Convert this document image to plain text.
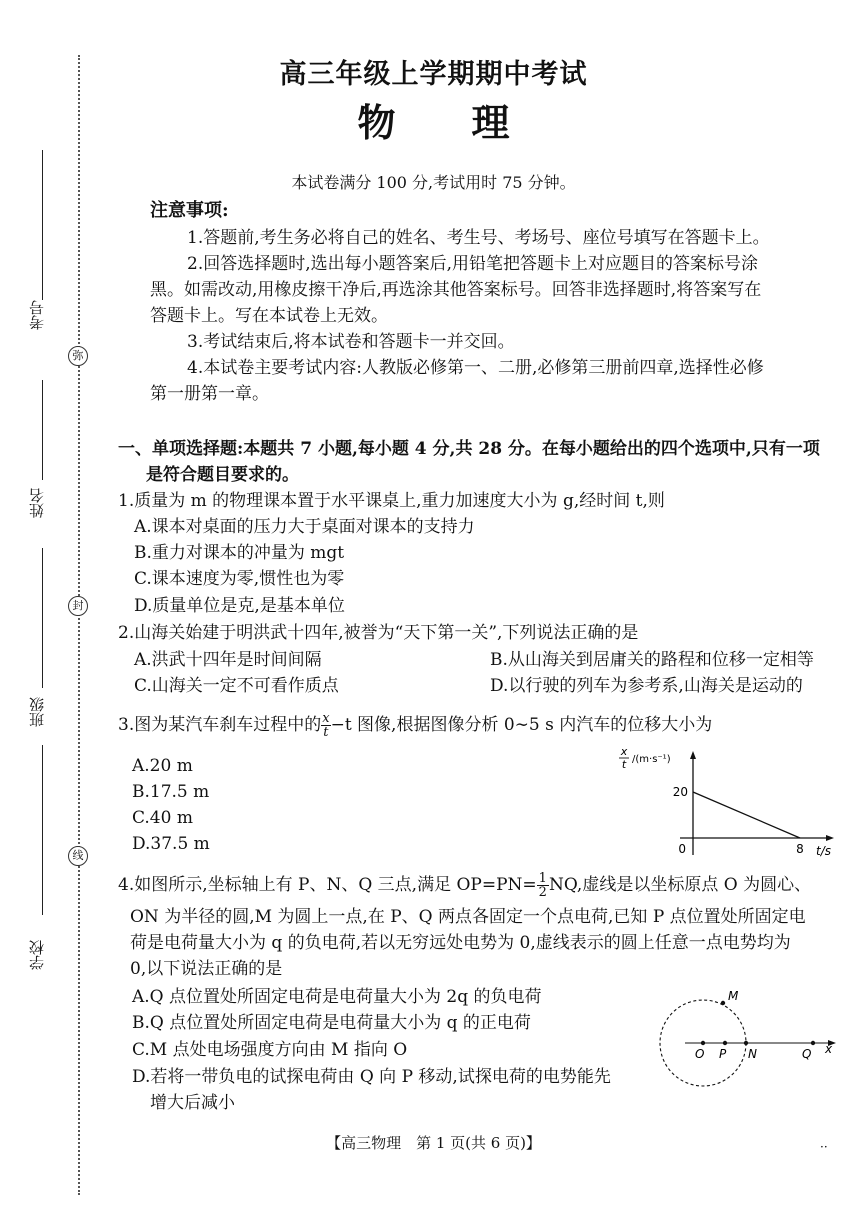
考号
姓名
班级
学校
弥
封
线
高三年级上学期期中考试
物 理
本试卷满分 100 分,考试用时 75 分钟。
注意事项:
1.答题前,考生务必将自己的姓名、考生号、考场号、座位号填写在答题卡上。
2.回答选择题时,选出每小题答案后,用铅笔把答题卡上对应题目的答案标号涂
黑。如需改动,用橡皮擦干净后,再选涂其他答案标号。回答非选择题时,将答案写在
答题卡上。写在本试卷上无效。
3.考试结束后,将本试卷和答题卡一并交回。
4.本试卷主要考试内容:人教版必修第一、二册,必修第三册前四章,选择性必修
第一册第一章。
一、单项选择题:本题共 7 小题,每小题 4 分,共 28 分。在每小题给出的四个选项中,只有一项
是符合题目要求的。
1.质量为 m 的物理课本置于水平课桌上,重力加速度大小为 g,经时间 t,则
A.课本对桌面的压力大于桌面对课本的支持力
B.重力对课本的冲量为 mgt
C.课本速度为零,惯性也为零
D.质量单位是克,是基本单位
2.山海关始建于明洪武十四年,被誉为“天下第一关”,下列说法正确的是
A.洪武十四年是时间间隔	B.从山海关到居庸关的路程和位移一定相等
C.山海关一定不可看作质点	D.以行驶的列车为参考系,山海关是运动的
3.图为某汽车刹车过程中的 $\frac{x}{t} -t$ 图像,根据图像分析 0∼5 s 内汽车的位移大小为
A.20 m
B.17.5 m
C.40 m
D.37.5 m
x
t /(m·s⁻¹)
20
0	8 t/s
4.如图所示,坐标轴上有 P、N、Q 三点,满足 $OP=PN= \frac{1}{2}$ NQ,虚线是以坐标原点 O 为圆心、
ON 为半径的圆,M 为圆上一点,在 P、Q 两点各固定一个点电荷,已知 P 点位置处所固定电
荷是电荷量大小为 q 的负电荷,若以无穷远处电势为 0,虚线表示的圆上任意一点电势均为
0,以下说法正确的是
A.Q 点位置处所固定电荷是电荷量大小为 2q 的负电荷
B.Q 点位置处所固定电荷是电荷量大小为 q 的正电荷
C.M 点处电场强度方向由 M 指向 O
D.若将一带负电的试探电荷由 Q 向 P 移动,试探电荷的电势能先
增大后减小
M
O P N	Q x
【高三物理　第 1 页(共 6 页)】	··
